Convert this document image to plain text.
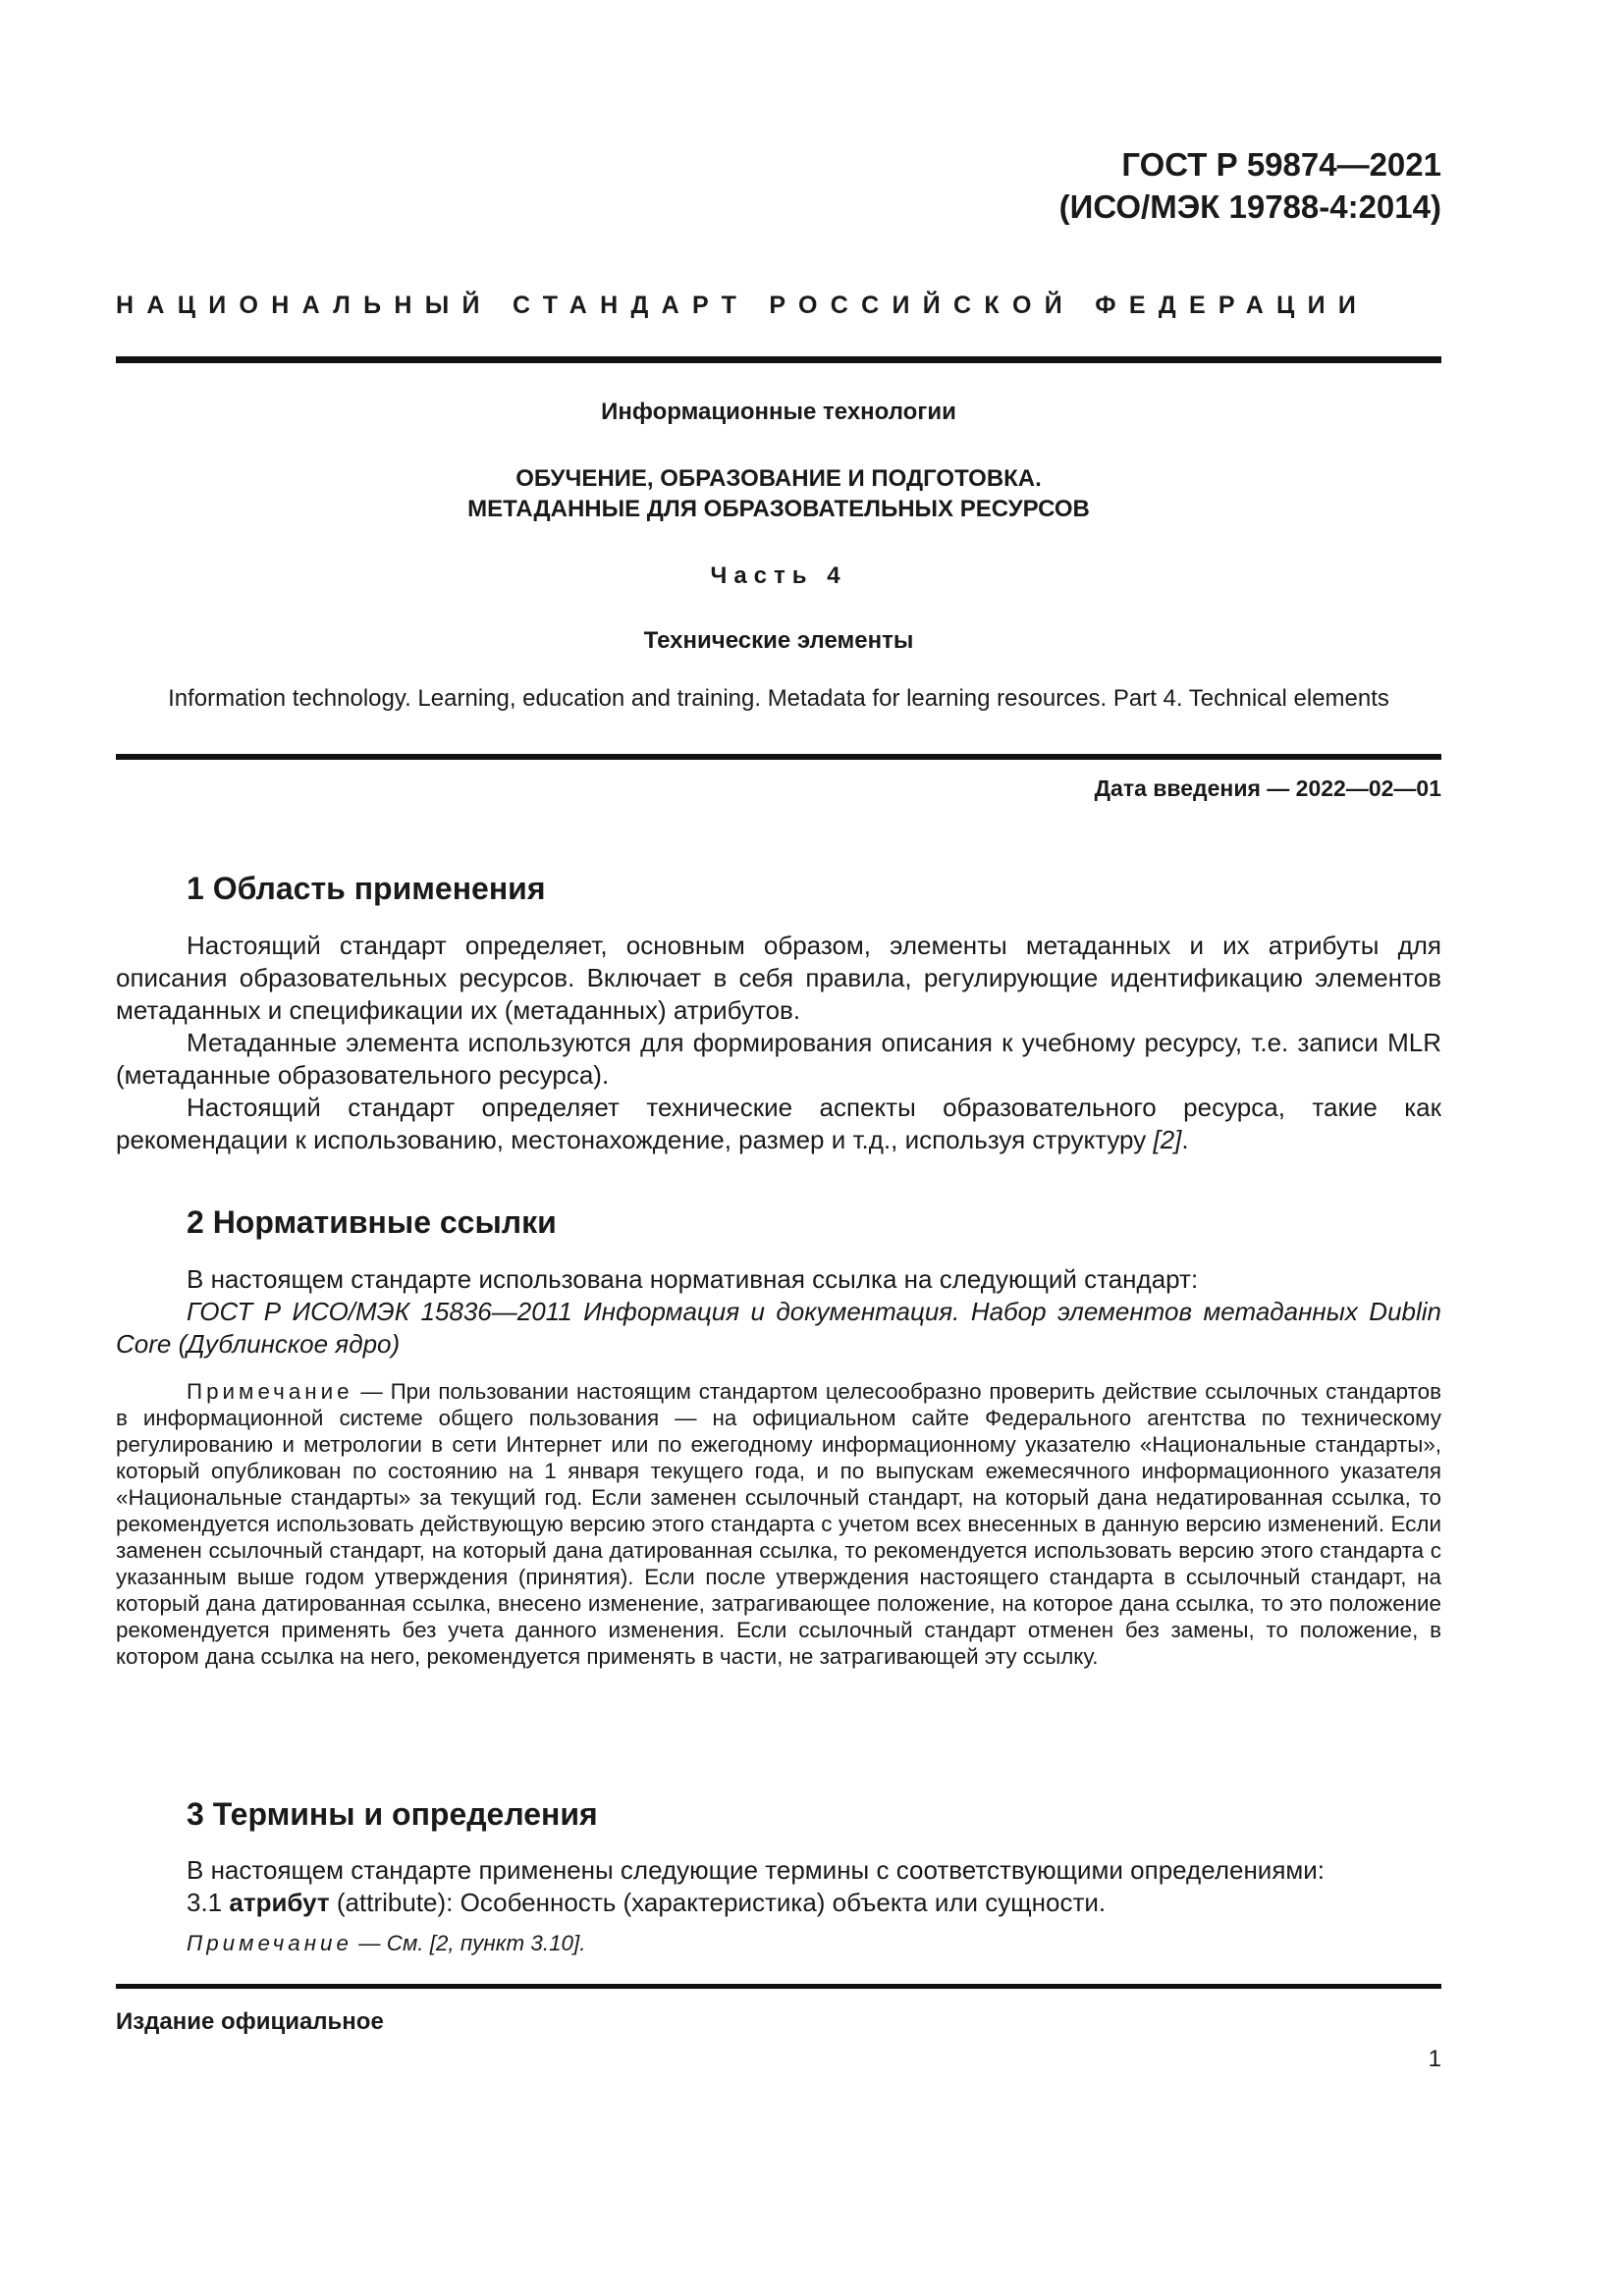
ГОСТ Р 59874—2021
(ИСО/МЭК 19788-4:2014)
НАЦИОНАЛЬНЫЙ СТАНДАРТ РОССИЙСКОЙ ФЕДЕРАЦИИ
Информационные технологии
ОБУЧЕНИЕ, ОБРАЗОВАНИЕ И ПОДГОТОВКА.
МЕТАДАННЫЕ ДЛЯ ОБРАЗОВАТЕЛЬНЫХ РЕСУРСОВ
Часть 4
Технические элементы
Information technology. Learning, education and training. Metadata for learning resources. Part 4. Technical elements
Дата введения — 2022—02—01
1 Область применения

Настоящий стандарт определяет, основным образом, элементы метаданных и их атрибуты для описания образовательных ресурсов. Включает в себя правила, регулирующие идентификацию элементов метаданных и спецификации их (метаданных) атрибутов.

Метаданные элемента используются для формирования описания к учебному ресурсу, т.е. записи MLR (метаданные образовательного ресурса).

Настоящий стандарт определяет технические аспекты образовательного ресурса, такие как рекомендации к использованию, местонахождение, размер и т.д., используя структуру [2].

2 Нормативные ссылки

В настоящем стандарте использована нормативная ссылка на следующий стандарт:

ГОСТ Р ИСО/МЭК 15836—2011 Информация и документация. Набор элементов метаданных Dublin Core (Дублинское ядро)

Примечание — При пользовании настоящим стандартом целесообразно проверить действие ссылочных стандартов в информационной системе общего пользования — на официальном сайте Федерального агентства по техническому регулированию и метрологии в сети Интернет или по ежегодному информационному указателю «Национальные стандарты», который опубликован по состоянию на 1 января текущего года, и по выпускам ежемесячного информационного указателя «Национальные стандарты» за текущий год. Если заменен ссылочный стандарт, на который дана недатированная ссылка, то рекомендуется использовать действующую версию этого стандарта с учетом всех внесенных в данную версию изменений. Если заменен ссылочный стандарт, на который дана датированная ссылка, то рекомендуется использовать версию этого стандарта с указанным выше годом утверждения (принятия). Если после утверждения настоящего стандарта в ссылочный стандарт, на который дана датированная ссылка, внесено изменение, затрагивающее положение, на которое дана ссылка, то это положение рекомендуется применять без учета данного изменения. Если ссылочный стандарт отменен без замены, то положение, в котором дана ссылка на него, рекомендуется применять в части, не затрагивающей эту ссылку.

3 Термины и определения

В настоящем стандарте применены следующие термины с соответствующими определениями:

3.1 атрибут (attribute): Особенность (характеристика) объекта или сущности.

Примечание — См. [2, пункт 3.10].

Издание официальное
1
